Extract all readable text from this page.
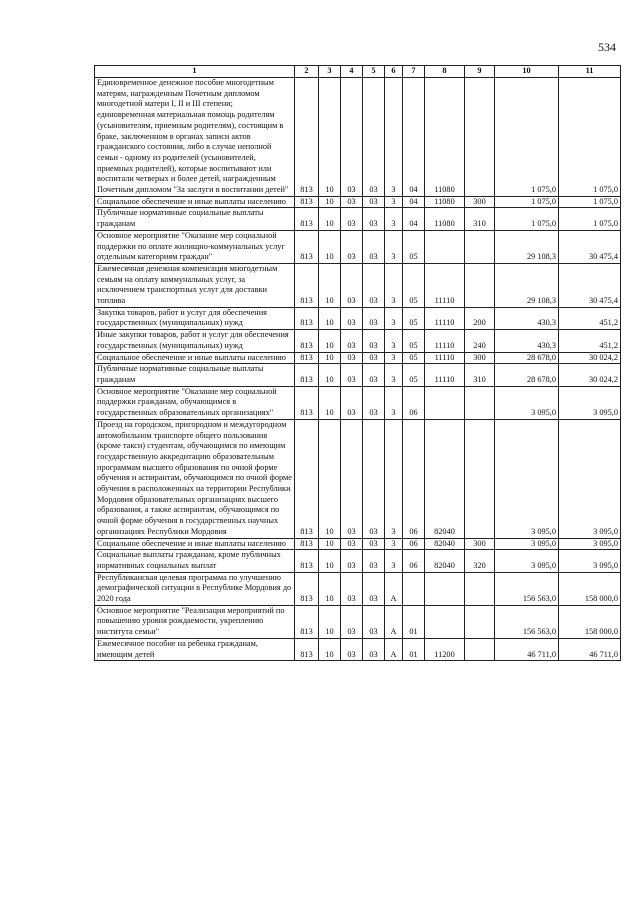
534
1	2	3	4	5	6	7	8	9	10	11
Единовременное денежное пособие многодетным матерям, награжденным Почетным дипломом многодетной матери I, II и III степени; единовременная материальная помощь родителям (усыновителям, приемным родителям), состоящим в браке, заключенном в органах записи актов гражданского состояния, либо в случае неполной семьи - одному из родителей (усыновителей, приемных родителей), которые воспитывают или воспитали четверых и более детей, награжденным Почетным дипломом "За заслуги в воспитании детей"	813	10	03	03	3	04	11080		1 075,0	1 075,0
Социальное обеспечение и иные выплаты населению	813	10	03	03	3	04	11080	300	1 075,0	1 075,0
Публичные нормативные социальные выплаты гражданам	813	10	03	03	3	04	11080	310	1 075,0	1 075,0
Основное мероприятие "Оказание мер социальной поддержки по оплате жилищно-коммунальных услуг отдельным категориям граждан"	813	10	03	03	3	05			29 108,3	30 475,4
Ежемесячная денежная компенсация многодетным семьям на оплату коммунальных услуг, за исключением транспортных услуг для доставки топлива	813	10	03	03	3	05	11110		29 108,3	30 475,4
Закупка товаров, работ и услуг для обеспечения государственных (муниципальных) нужд	813	10	03	03	3	05	11110	200	430,3	451,2
Иные закупки товаров, работ и услуг для обеспечения государственных (муниципальных) нужд	813	10	03	03	3	05	11110	240	430,3	451,2
Социальное обеспечение и иные выплаты населению	813	10	03	03	3	05	11110	300	28 678,0	30 024,2
Публичные нормативные социальные выплаты гражданам	813	10	03	03	3	05	11110	310	28 678,0	30 024,2
Основное мероприятие "Оказание мер социальной поддержки гражданам, обучающимся в государственных образовательных организациях"	813	10	03	03	3	06			3 095,0	3 095,0
Проезд на городском, пригородном и междугородном автомобильном транспорте общего пользования (кроме такси) студентам, обучающимся по имеющим государственную аккредитацию образовательным программам высшего образования по очной форме обучения и аспирантам, обучающимся по очной форме обучения в расположенных на территории Республики Мордовия образовательных организациях высшего образования, а также аспирантам, обучающимся по очной форме обучения в государственных научных организациях Республики Мордовия	813	10	03	03	3	06	82040		3 095,0	3 095,0
Социальное обеспечение и иные выплаты населению	813	10	03	03	3	06	82040	300	3 095,0	3 095,0
Социальные выплаты гражданам, кроме публичных нормативных социальных выплат	813	10	03	03	3	06	82040	320	3 095,0	3 095,0
Республиканская целевая программа по улучшению демографической ситуации в Республике Мордовия до 2020 года	813	10	03	03	А				156 563,0	158 000,0
Основное мероприятие "Реализация мероприятий по повышению уровня рождаемости, укреплению института семьи"	813	10	03	03	А	01			156 563,0	158 000,0
Ежемесячное пособие на ребенка гражданам, имеющим детей	813	10	03	03	А	01	11200		46 711,0	46 711,0
